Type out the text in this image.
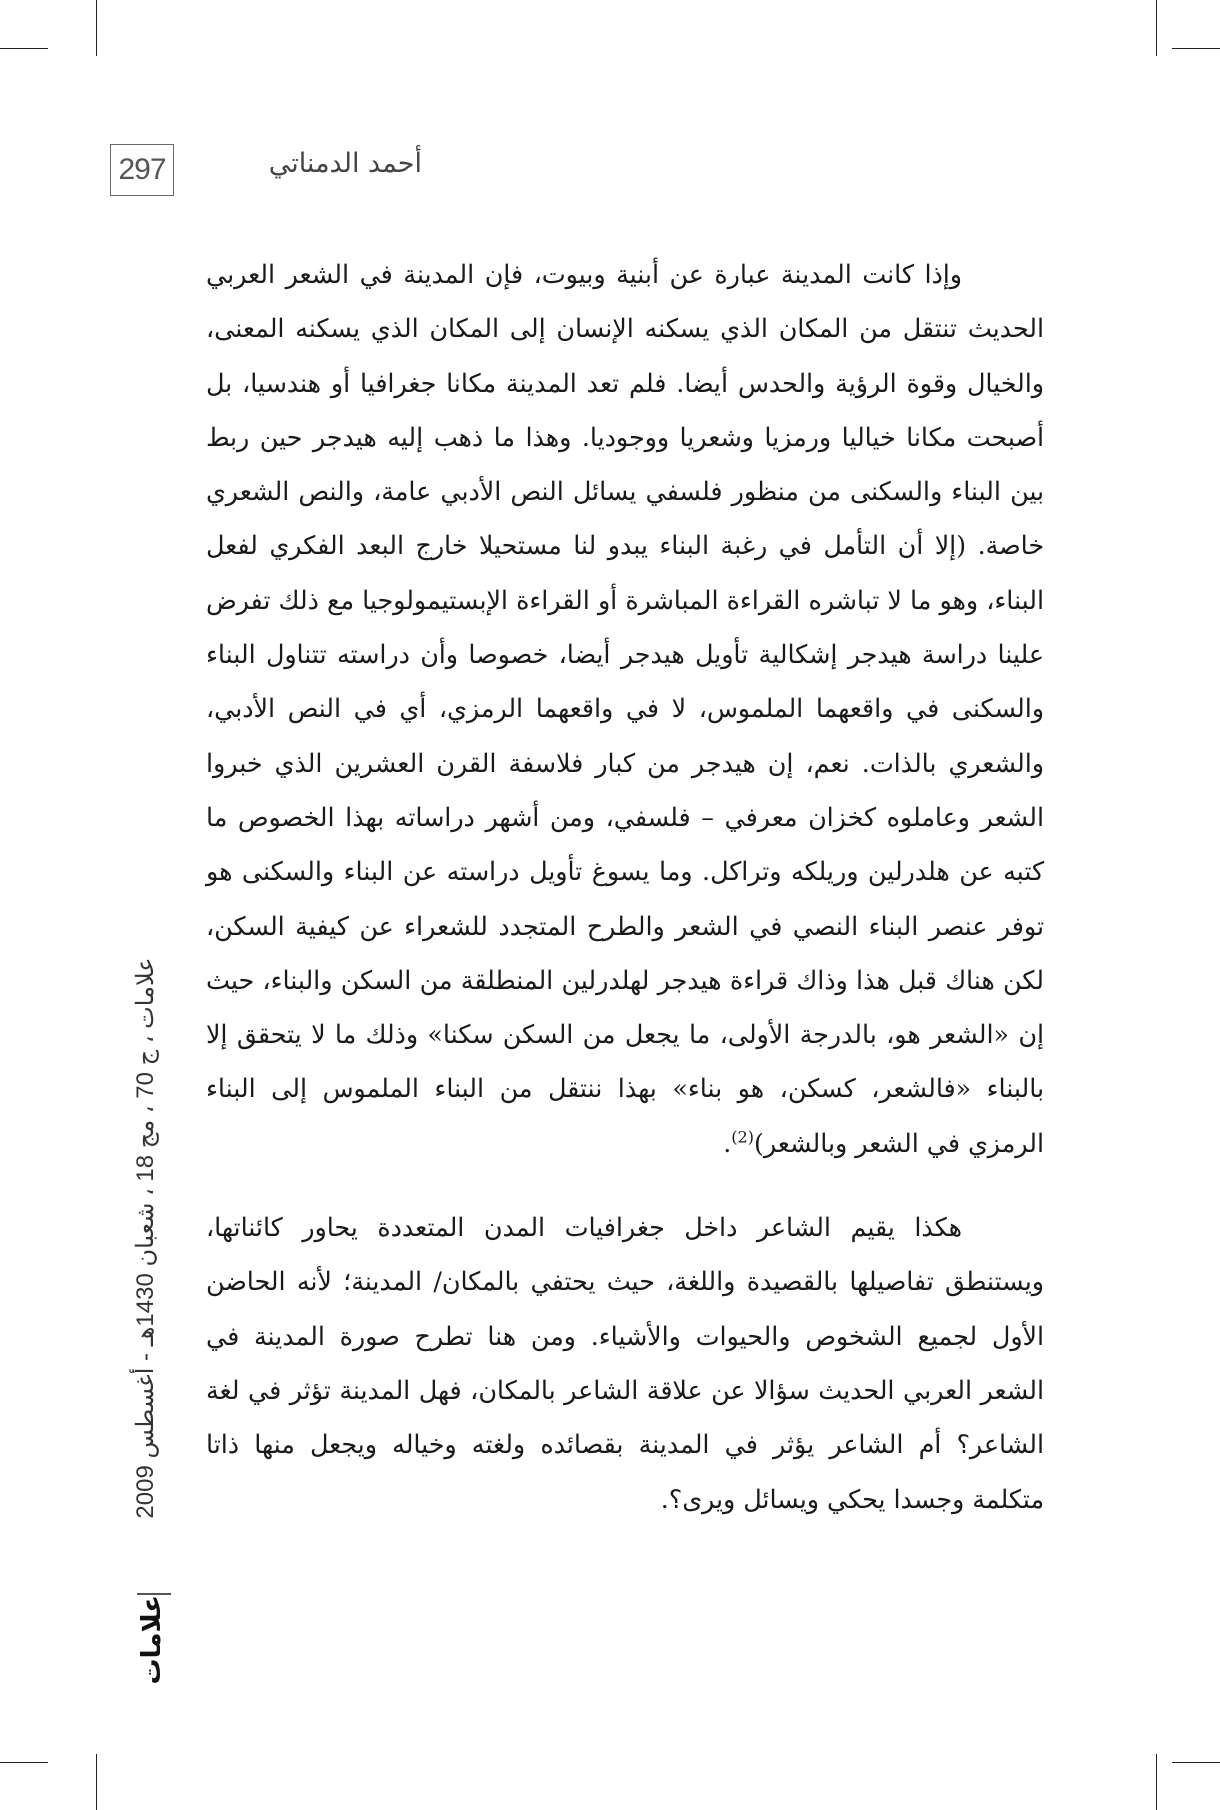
297	أحمد الدمناتي

وإذا كانت المدينة عبارة عن أبنية وبيوت، فإن المدينة في الشعر العربي الحديث تنتقل من المكان الذي يسكنه الإنسان إلى المكان الذي يسكنه المعنى، والخيال وقوة الرؤية والحدس أيضا. فلم تعد المدينة مكانا جغرافيا أو هندسيا، بل أصبحت مكانا خياليا ورمزيا وشعريا ووجوديا. وهذا ما ذهب إليه هيدجر حين ربط بين البناء والسكنى من منظور فلسفي يسائل النص الأدبي عامة، والنص الشعري خاصة. (إلا أن التأمل في رغبة البناء يبدو لنا مستحيلا خارج البعد الفكري لفعل البناء، وهو ما لا تباشره القراءة المباشرة أو القراءة الإبستيمولوجيا مع ذلك تفرض علينا دراسة هيدجر إشكالية تأويل هيدجر أيضا، خصوصا وأن دراسته تتناول البناء والسكنى في واقعهما الملموس، لا في واقعهما الرمزي، أي في النص الأدبي، والشعري بالذات. نعم، إن هيدجر من كبار فلاسفة القرن العشرين الذي خبروا الشعر وعاملوه كخزان معرفي – فلسفي، ومن أشهر دراساته بهذا الخصوص ما كتبه عن هلدرلين وريلكه وتراكل. وما يسوغ تأويل دراسته عن البناء والسكنى هو توفر عنصر البناء النصي في الشعر والطرح المتجدد للشعراء عن كيفية السكن، لكن هناك قبل هذا وذاك قراءة هيدجر لهلدرلين المنطلقة من السكن والبناء، حيث إن «الشعر هو، بالدرجة الأولى، ما يجعل من السكن سكنا» وذلك ما لا يتحقق إلا بالبناء «فالشعر، كسكن، هو بناء» بهذا ننتقل من البناء الملموس إلى البناء الرمزي في الشعر وبالشعر)$^{(2)}$.

هكذا يقيم الشاعر داخل جغرافيات المدن المتعددة يحاور كائناتها، ويستنطق تفاصيلها بالقصيدة واللغة، حيث يحتفي بالمكان/ المدينة؛ لأنه الحاضن الأول لجميع الشخوص والحيوات والأشياء. ومن هنا تطرح صورة المدينة في الشعر العربي الحديث سؤالا عن علاقة الشاعر بالمكان، فهل المدينة تؤثر في لغة الشاعر؟ أم الشاعر يؤثر في المدينة بقصائده ولغته وخياله ويجعل منها ذاتا متكلمة وجسدا يحكي ويسائل ويرى؟.

علامات ، ج 70 ، مج 18 ، شعبان 1430هـ - أغسطس 2009
علامات
